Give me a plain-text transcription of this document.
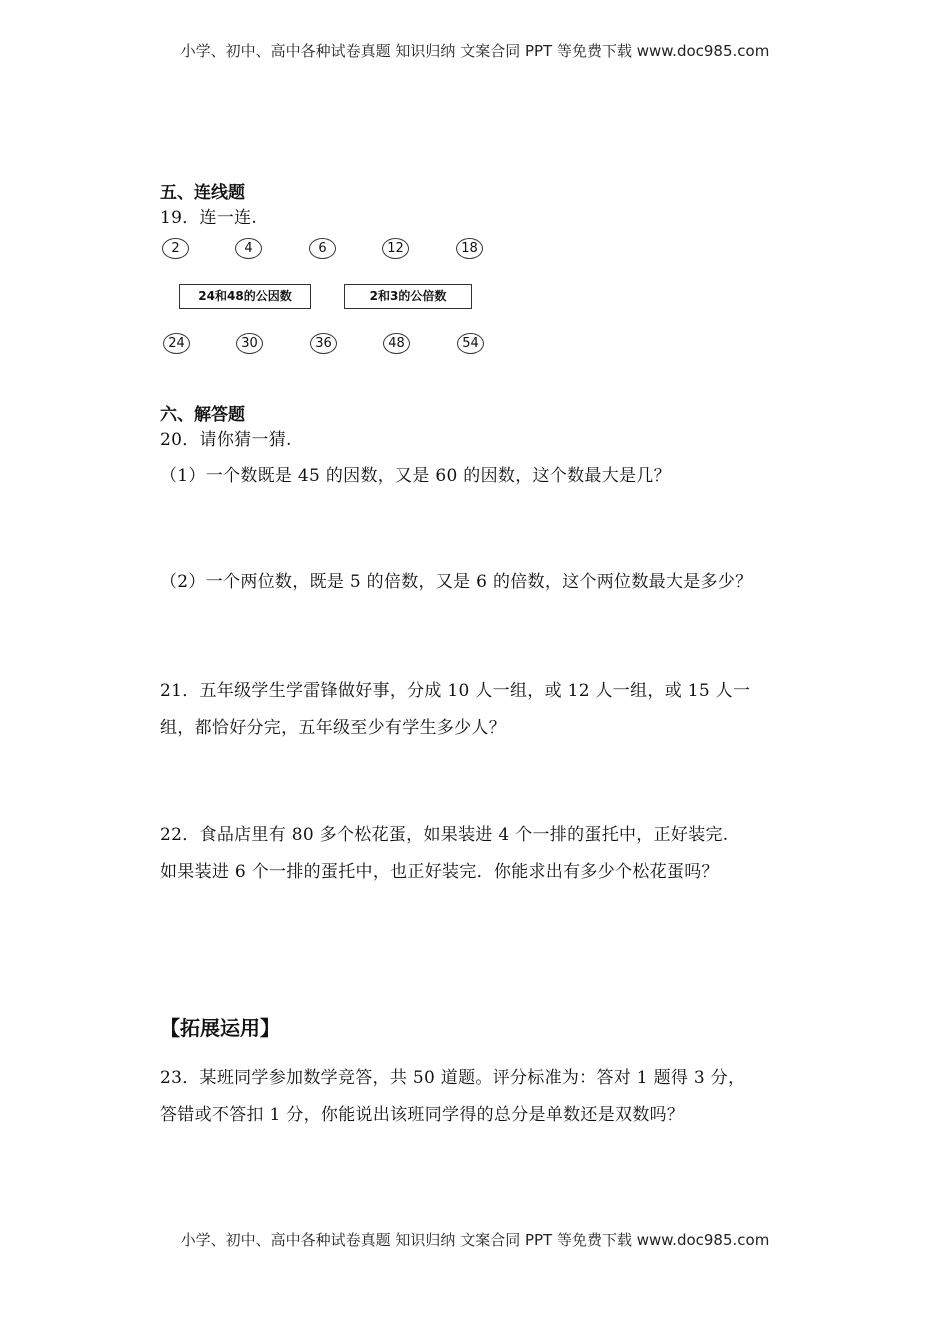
小学、初中、高中各种试卷真题 知识归纳 文案合同 PPT 等免费下载 www.doc985.com
五、连线题
19．连一连.
2	4	6	12	18
24和48的公因数	2和3的公倍数
24	30	36	48	54
六、解答题
20．请你猜一猜.
（1）一个数既是 45 的因数，又是 60 的因数，这个数最大是几？
（2）一个两位数，既是 5 的倍数，又是 6 的倍数，这个两位数最大是多少？
21．五年级学生学雷锋做好事，分成 10 人一组，或 12 人一组，或 15 人一
组，都恰好分完，五年级至少有学生多少人？
22．食品店里有 80 多个松花蛋，如果装进 4 个一排的蛋托中，正好装完.
如果装进 6 个一排的蛋托中，也正好装完．你能求出有多少个松花蛋吗？
【拓展运用】
23．某班同学参加数学竞答，共 50 道题。评分标准为：答对 1 题得 3 分，
答错或不答扣 1 分，你能说出该班同学得的总分是单数还是双数吗？
小学、初中、高中各种试卷真题 知识归纳 文案合同 PPT 等免费下载 www.doc985.com
